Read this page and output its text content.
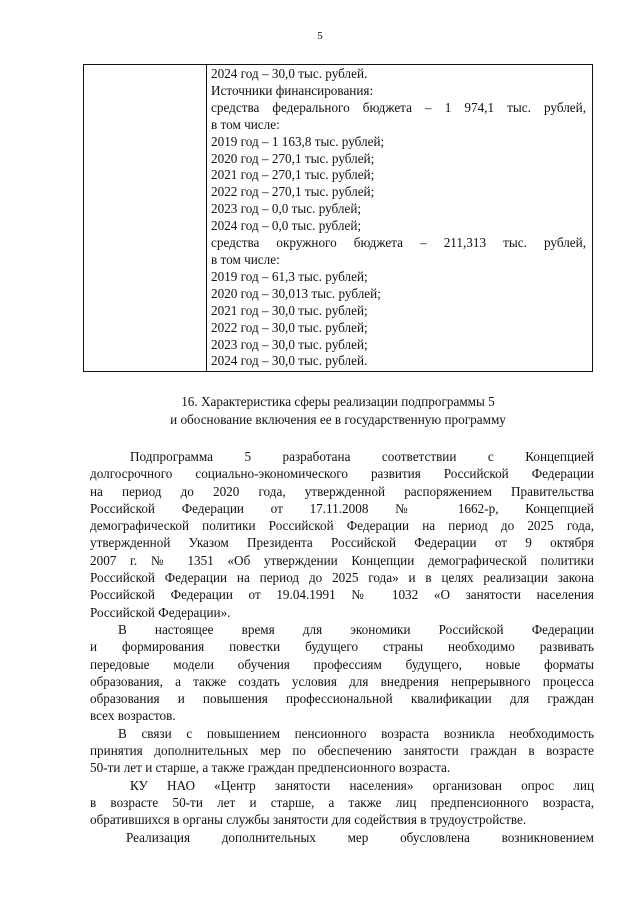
5

2024 год – 30,0 тыс. рублей.
Источники финансирования:
средства федерального бюджета – 1 974,1 тыс. рублей,
в том числе:
2019 год – 1 163,8 тыс. рублей;
2020 год – 270,1 тыс. рублей;
2021 год – 270,1 тыс. рублей;
2022 год – 270,1 тыс. рублей;
2023 год – 0,0 тыс. рублей;
2024 год – 0,0 тыс. рублей;
средства окружного бюджета – 211,313 тыс. рублей,
в том числе:
2019 год – 61,3 тыс. рублей;
2020 год – 30,013 тыс. рублей;
2021 год – 30,0 тыс. рублей;
2022 год – 30,0 тыс. рублей;
2023 год – 30,0 тыс. рублей;
2024 год – 30,0 тыс. рублей.
16. Характеристика сферы реализации подпрограммы 5
и обоснование включения ее в государственную программу
Подпрограмма 5 разработана соответствии с Концепцией
долгосрочного социально-экономического развития Российской Федерации
на период до 2020 года, утвержденной распоряжением Правительства
Российской Федерации от 17.11.2008 № 1662-р, Концепцией
демографической политики Российской Федерации на период до 2025 года,
утвержденной Указом Президента Российской Федерации от 9 октября
2007 г. № 1351 «Об утверждении Концепции демографической политики
Российской Федерации на период до 2025 года» и в целях реализации закона
Российской Федерации от 19.04.1991 № 1032 «О занятости населения
Российской Федерации».
В настоящее время для экономики Российской Федерации
и формирования повестки будущего страны необходимо развивать
передовые модели обучения профессиям будущего, новые форматы
образования, а также создать условия для внедрения непрерывного процесса
образования и повышения профессиональной квалификации для граждан
всех возрастов.
В связи с повышением пенсионного возраста возникла необходимость
принятия дополнительных мер по обеспечению занятости граждан в возрасте
50-ти лет и старше, а также граждан предпенсионного возраста.
КУ НАО «Центр занятости населения» организован опрос лиц
в возрасте 50-ти лет и старше, а также лиц предпенсионного возраста,
обратившихся в органы службы занятости для содействия в трудоустройстве.
Реализация дополнительных мер обусловлена возникновением
